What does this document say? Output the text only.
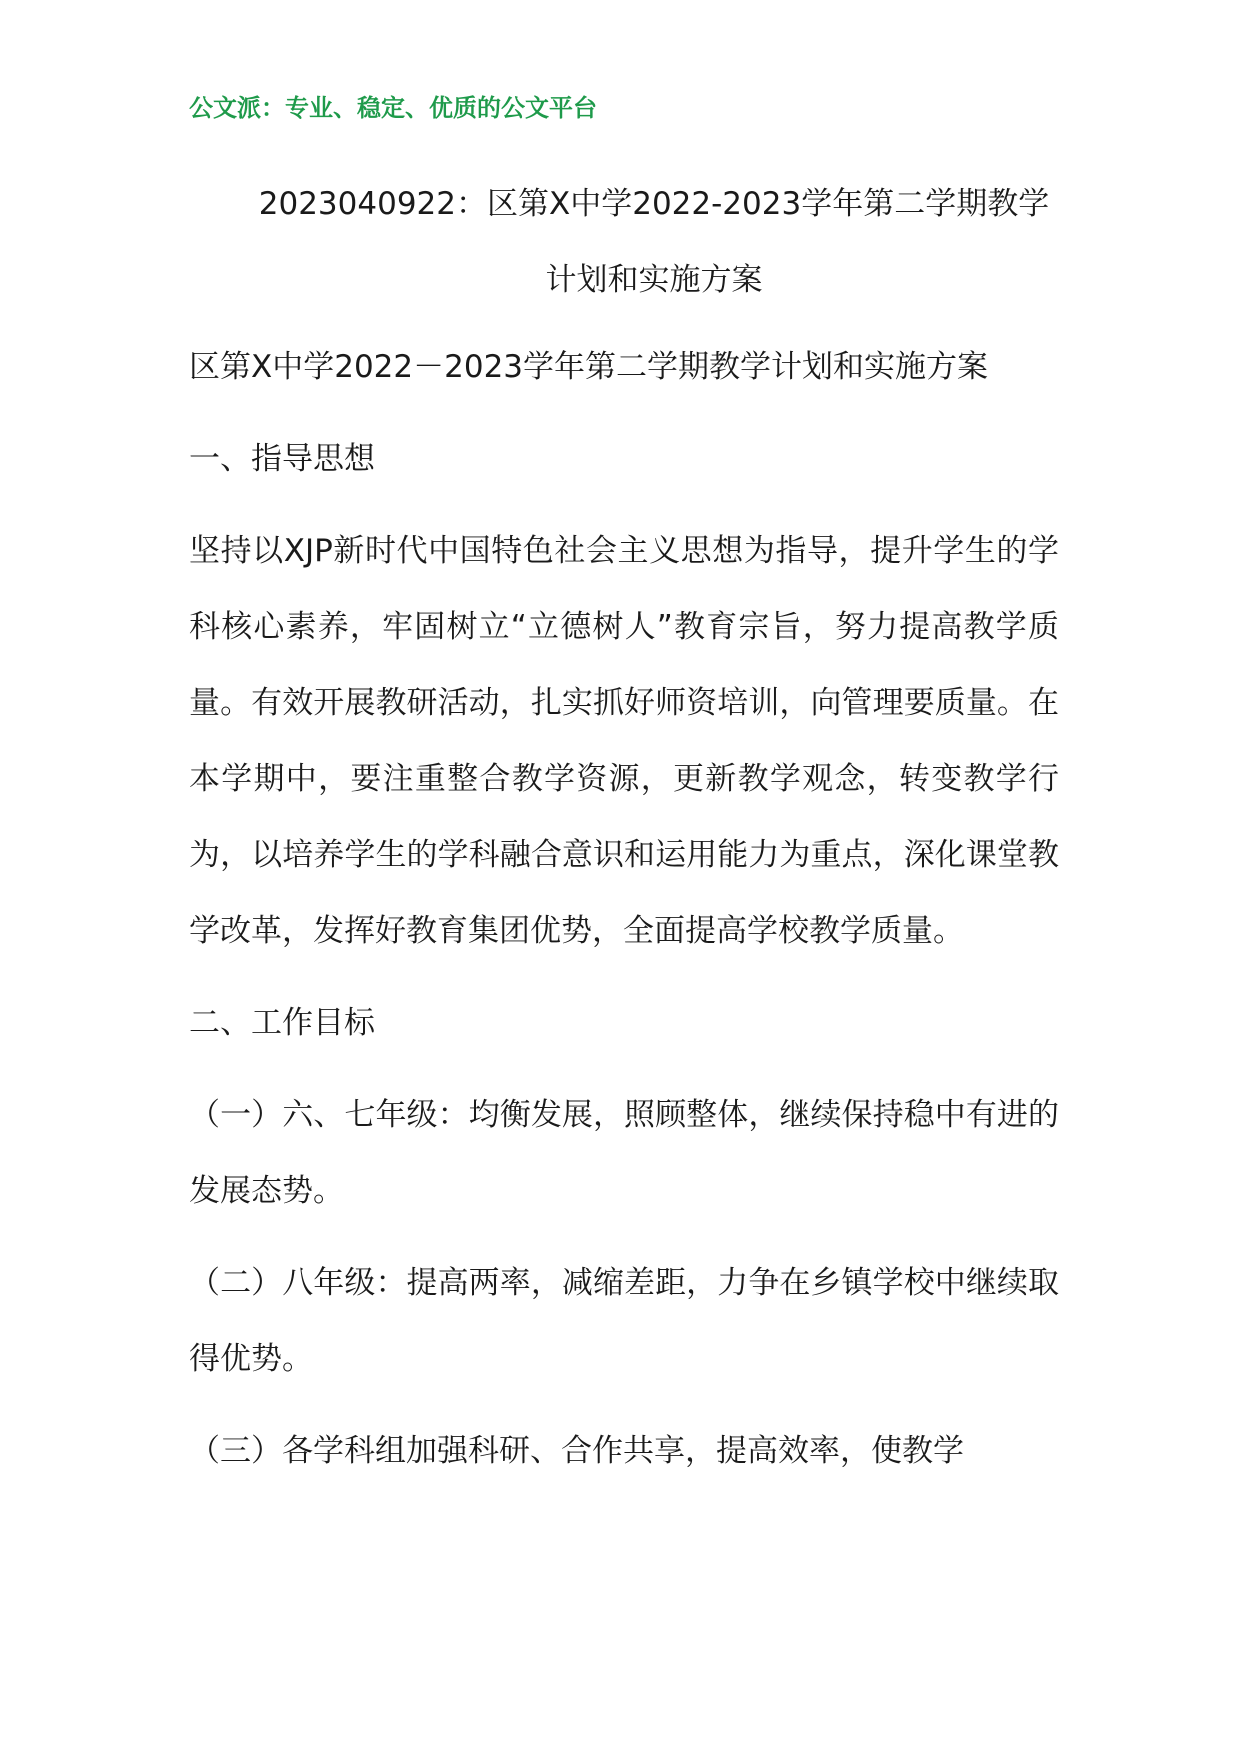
公文派：专业、稳定、优质的公文平台
2023040922：区第X中学2022-2023学年第二学期教学计划和实施方案

区第X中学2022－2023学年第二学期教学计划和实施方案

一、指导思想

坚持以XJP新时代中国特色社会主义思想为指导，提升学生的学科核心素养，牢固树立“立德树人”教育宗旨，努力提高教学质量。有效开展教研活动，扎实抓好师资培训，向管理要质量。在本学期中，要注重整合教学资源，更新教学观念，转变教学行为，以培养学生的学科融合意识和运用能力为重点，深化课堂教学改革，发挥好教育集团优势，全面提高学校教学质量。

二、工作目标

（一）六、七年级：均衡发展，照顾整体，继续保持稳中有进的发展态势。

（二）八年级：提高两率，减缩差距，力争在乡镇学校中继续取得优势。

（三）各学科组加强科研、合作共享，提高效率，使教学
